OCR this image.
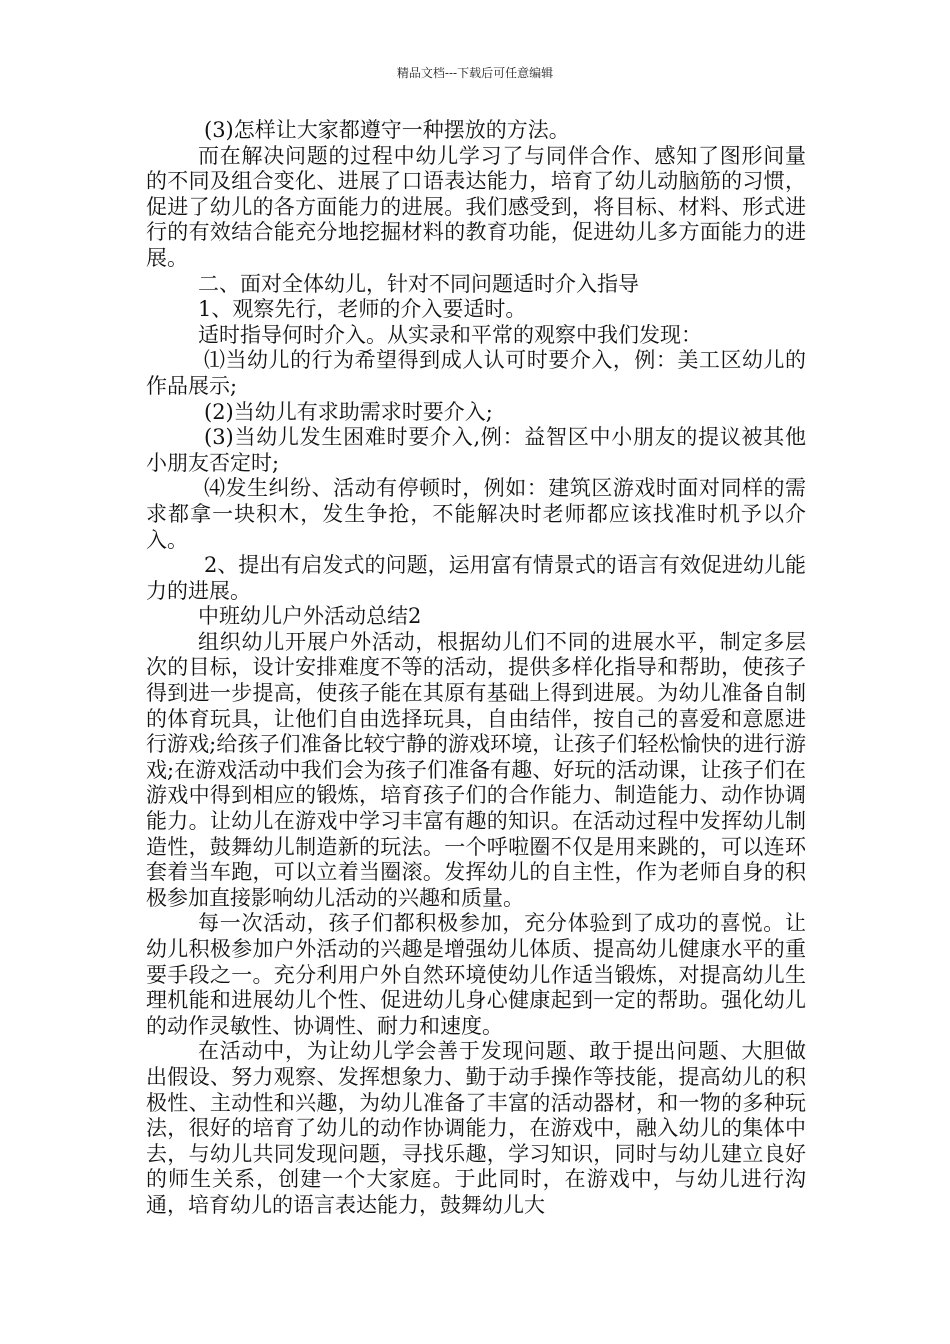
精品文档---下载后可任意编辑

(3)怎样让大家都遵守一种摆放的方法。

而在解决问题的过程中幼儿学习了与同伴合作、感知了图形间量的不同及组合变化、进展了口语表达能力，培育了幼儿动脑筋的习惯，促进了幼儿的各方面能力的进展。我们感受到，将目标、材料、形式进行的有效结合能充分地挖掘材料的教育功能，促进幼儿多方面能力的进展。

二、面对全体幼儿，针对不同问题适时介入指导

1、观察先行，老师的介入要适时。

适时指导何时介入。从实录和平常的观察中我们发现：

⑴当幼儿的行为希望得到成人认可时要介入，例：美工区幼儿的作品展示;

(2)当幼儿有求助需求时要介入;

(3)当幼儿发生困难时要介入,例：益智区中小朋友的提议被其他小朋友否定时;

⑷发生纠纷、活动有停顿时，例如：建筑区游戏时面对同样的需求都拿一块积木，发生争抢，不能解决时老师都应该找准时机予以介入。

2、提出有启发式的问题，运用富有情景式的语言有效促进幼儿能力的进展。

中班幼儿户外活动总结2

组织幼儿开展户外活动，根据幼儿们不同的进展水平，制定多层次的目标，设计安排难度不等的活动，提供多样化指导和帮助，使孩子得到进一步提高，使孩子能在其原有基础上得到进展。为幼儿准备自制的体育玩具，让他们自由选择玩具，自由结伴，按自己的喜爱和意愿进行游戏;给孩子们准备比较宁静的游戏环境，让孩子们轻松愉快的进行游戏;在游戏活动中我们会为孩子们准备有趣、好玩的活动课，让孩子们在游戏中得到相应的锻炼，培育孩子们的合作能力、制造能力、动作协调能力。让幼儿在游戏中学习丰富有趣的知识。在活动过程中发挥幼儿制造性，鼓舞幼儿制造新的玩法。一个呼啦圈不仅是用来跳的，可以连环套着当车跑，可以立着当圈滚。发挥幼儿的自主性，作为老师自身的积极参加直接影响幼儿活动的兴趣和质量。

每一次活动，孩子们都积极参加，充分体验到了成功的喜悦。让幼儿积极参加户外活动的兴趣是增强幼儿体质、提高幼儿健康水平的重要手段之一。充分利用户外自然环境使幼儿作适当锻炼，对提高幼儿生理机能和进展幼儿个性、促进幼儿身心健康起到一定的帮助。强化幼儿的动作灵敏性、协调性、耐力和速度。

在活动中，为让幼儿学会善于发现问题、敢于提出问题、大胆做出假设、努力观察、发挥想象力、勤于动手操作等技能，提高幼儿的积极性、主动性和兴趣，为幼儿准备了丰富的活动器材，和一物的多种玩法，很好的培育了幼儿的动作协调能力，在游戏中，融入幼儿的集体中去，与幼儿共同发现问题，寻找乐趣，学习知识，同时与幼儿建立良好的师生关系，创建一个大家庭。于此同时，在游戏中，与幼儿进行沟通，培育幼儿的语言表达能力，鼓舞幼儿大
